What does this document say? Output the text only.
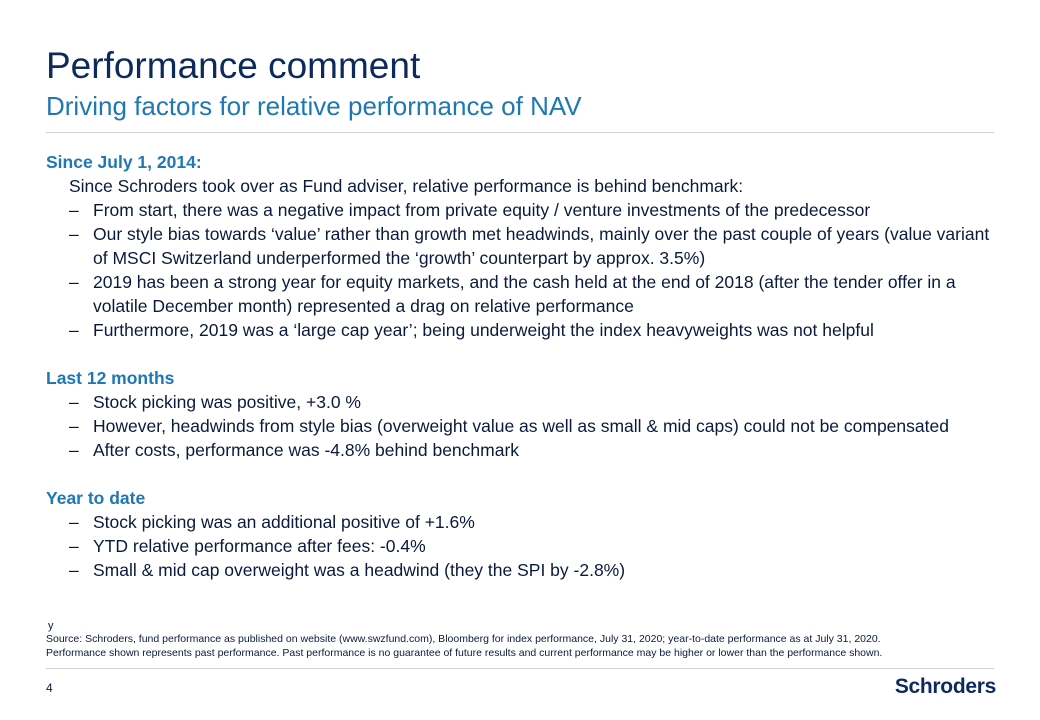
Performance comment
Driving factors for relative performance of NAV
Since July 1, 2014:
Since Schroders took over as Fund adviser, relative performance is behind benchmark:
– From start, there was a negative impact from private equity / venture investments of the predecessor
– Our style bias towards ‘value’ rather than growth met headwinds, mainly over the past couple of years (value variant of MSCI Switzerland underperformed the ‘growth’ counterpart by approx. 3.5%)
– 2019 has been a strong year for equity markets, and the cash held at the end of 2018 (after the tender offer in a volatile December month) represented a drag on relative performance
– Furthermore, 2019 was a ‘large cap year’; being underweight the index heavyweights was not helpful
Last 12 months
– Stock picking was positive, +3.0 %
– However, headwinds from style bias (overweight value as well as small & mid caps) could not be compensated
– After costs, performance was -4.8% behind benchmark
Year to date
– Stock picking was an additional positive of +1.6%
– YTD relative performance after fees: -0.4%
– Small & mid cap overweight was a headwind (they the SPI by -2.8%)
y
Source: Schroders, fund performance as published on website (www.swzfund.com), Bloomberg for index performance, July 31, 2020; year-to-date performance as at July 31, 2020.
Performance shown represents past performance. Past performance is no guarantee of future results and current performance may be higher or lower than the performance shown.
4	Schroders
